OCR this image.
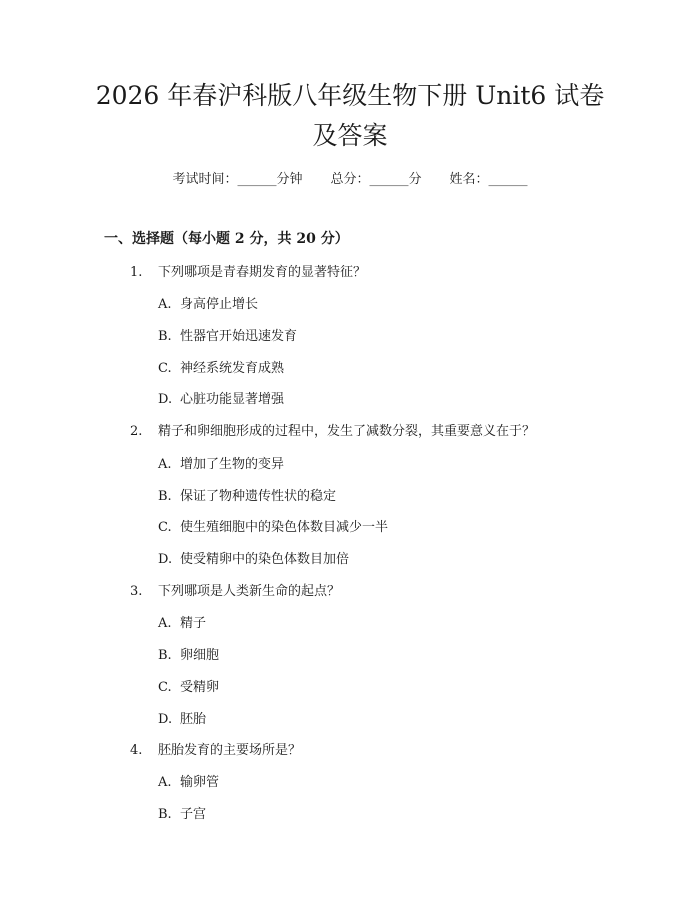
2026 年春沪科版八年级生物下册 Unit6 试卷
及答案
考试时间：______分钟 总分：______分 姓名：______
一、选择题（每小题 2 分，共 20 分）
1. 下列哪项是青春期发育的显著特征？
A. 身高停止增长
B. 性器官开始迅速发育
C. 神经系统发育成熟
D. 心脏功能显著增强
2. 精子和卵细胞形成的过程中，发生了减数分裂，其重要意义在于？
A. 增加了生物的变异
B. 保证了物种遗传性状的稳定
C. 使生殖细胞中的染色体数目减少一半
D. 使受精卵中的染色体数目加倍
3. 下列哪项是人类新生命的起点？
A. 精子
B. 卵细胞
C. 受精卵
D. 胚胎
4. 胚胎发育的主要场所是？
A. 输卵管
B. 子宫
